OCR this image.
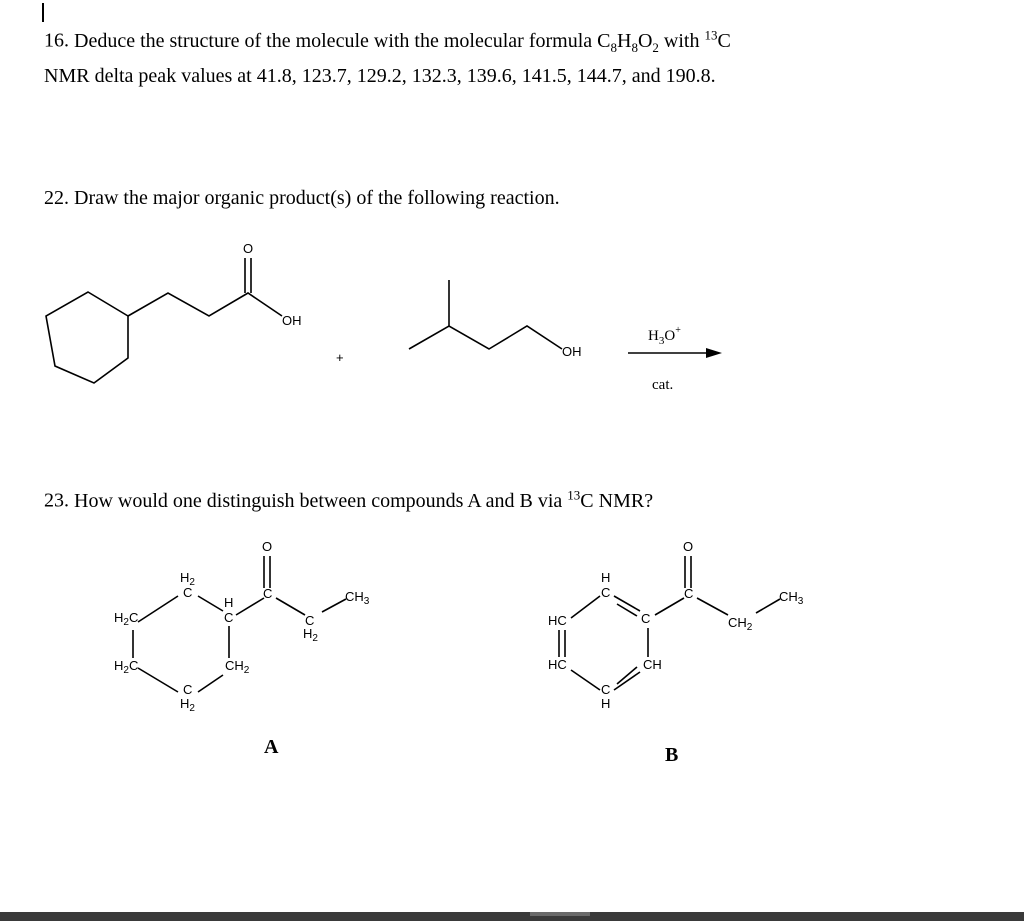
16. Deduce the structure of the molecule with the molecular formula $C_8H_8O_2$ with $^{13}$C
NMR delta peak values at 41.8, 123.7, 129.2, 132.3, 139.6, 141.5, 144.7, and 190.8.

22. Draw the major organic product(s) of the following reaction.

23. How would one distinguish between compounds A and B via $^{13}$C NMR?

O
OH
+	OH
$H_3O^+$
cat.
O
$H_2$
C
H
C
C
C
$H_2$
$CH_3$
$H_2C$
$H_2C$	$CH_2$
C
$H_2$
A
O
H
C
C
C
$CH_2$
$CH_3$
HC
HC	CH
C
H
B
